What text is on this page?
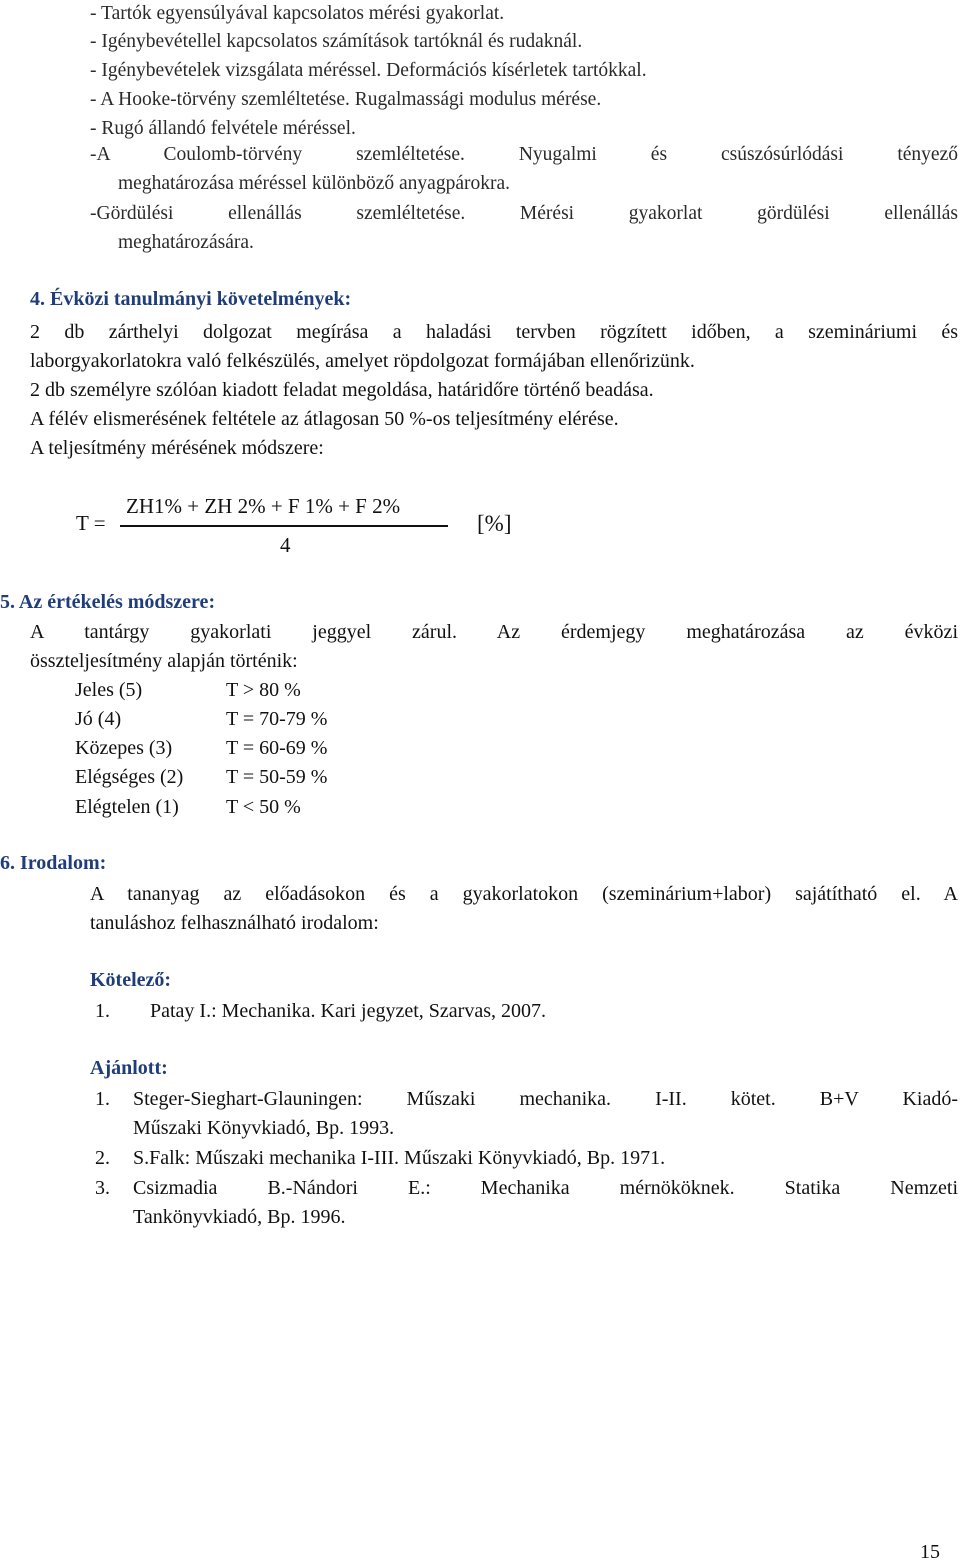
- Tartók egyensúlyával kapcsolatos mérési gyakorlat.
- Igénybevétellel kapcsolatos számítások tartóknál és rudaknál.
- Igénybevételek vizsgálata méréssel. Deformációs kísérletek tartókkal.
- A Hooke-törvény szemléltetése. Rugalmassági modulus mérése.
- Rugó állandó felvétele méréssel.
-A Coulomb-törvény szemléltetése. Nyugalmi és csúszósúrlódási tényező
meghatározása méréssel különböző anyagpárokra.
-Gördülési ellenállás szemléltetése. Mérési gyakorlat gördülési ellenállás
meghatározására.
4. Évközi tanulmányi követelmények:
2 db zárthelyi dolgozat megírása a haladási tervben rögzített időben, a szemináriumi és
laborgyakorlatokra való felkészülés, amelyet röpdolgozat formájában ellenőrizünk.
2 db személyre szólóan kiadott feladat megoldása, határidőre történő beadása.
A félév elismerésének feltétele az átlagosan 50 %-os teljesítmény elérése.
A teljesítmény mérésének módszere:
T =
ZH1% + ZH 2% + F 1% + F 2%
4
[%]
5. Az értékelés módszere:
A tantárgy gyakorlati jeggyel zárul. Az érdemjegy meghatározása az évközi
összteljesítmény alapján történik:
Jeles (5)	T > 80 %
Jó (4)	T = 70-79 %
Közepes (3)	T = 60-69 %
Elégséges (2) T = 50-59 %
Elégtelen (1) T < 50 %
6. Irodalom:
A tananyag az előadásokon és a gyakorlatokon (szeminárium+labor) sajátítható el. A
tanuláshoz felhasználható irodalom:
Kötelező:
1. Patay I.: Mechanika. Kari jegyzet, Szarvas, 2007.
Ajánlott:
1. Steger-Sieghart-Glauningen: Műszaki mechanika. I-II. kötet. B+V Kiadó-
Műszaki Könyvkiadó, Bp. 1993.
2. S.Falk: Műszaki mechanika I-III. Műszaki Könyvkiadó, Bp. 1971.
3. Csizmadia B.-Nándori E.: Mechanika mérnököknek. Statika Nemzeti
Tankönyvkiadó, Bp. 1996.
15
